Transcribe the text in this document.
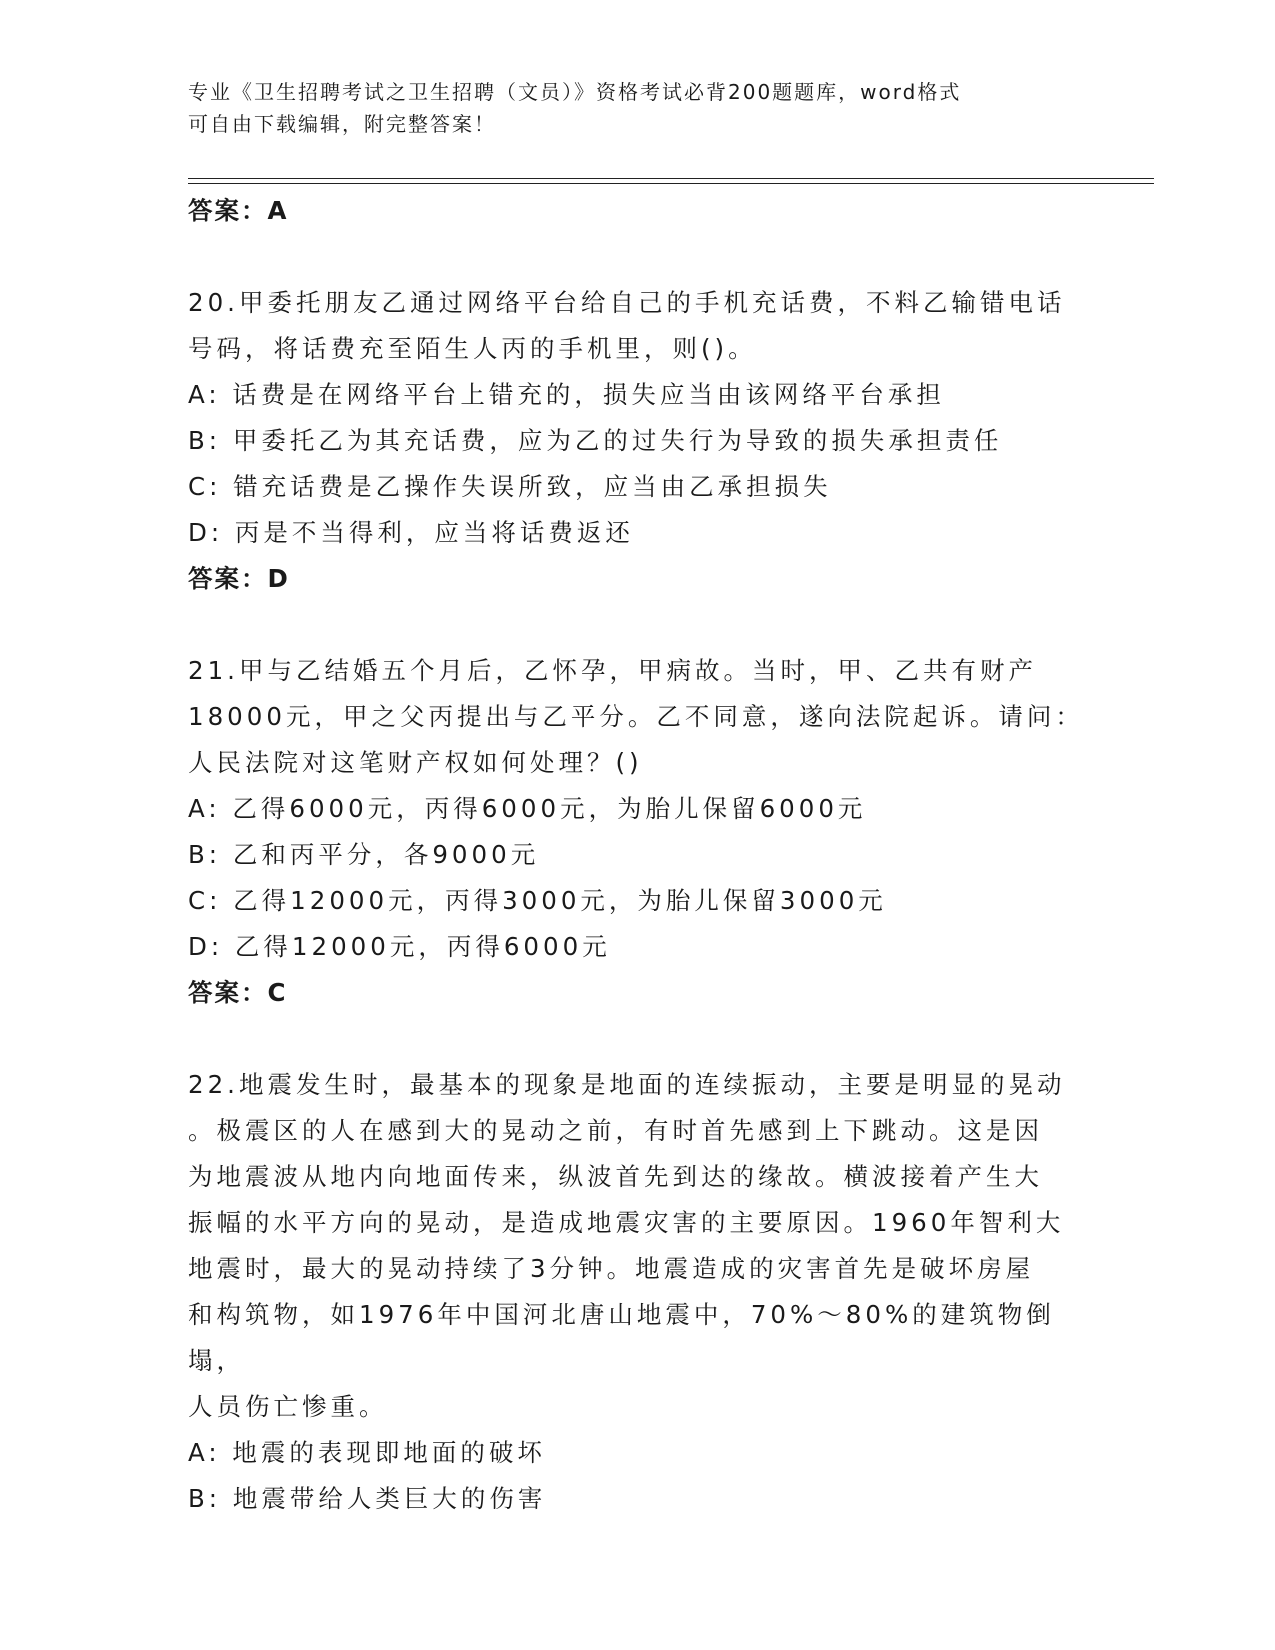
专业《卫生招聘考试之卫生招聘（文员）》资格考试必背200题题库，word格式
可自由下载编辑，附完整答案！
答案：A
20.甲委托朋友乙通过网络平台给自己的手机充话费，不料乙输错电话
号码，将话费充至陌生人丙的手机里，则()。
A: 话费是在网络平台上错充的，损失应当由该网络平台承担
B: 甲委托乙为其充话费，应为乙的过失行为导致的损失承担责任
C: 错充话费是乙操作失误所致，应当由乙承担损失
D: 丙是不当得利，应当将话费返还
答案：D
21.甲与乙结婚五个月后，乙怀孕，甲病故。当时，甲、乙共有财产
18000元，甲之父丙提出与乙平分。乙不同意，遂向法院起诉。请问：
人民法院对这笔财产权如何处理？()
A: 乙得6000元，丙得6000元，为胎儿保留6000元
B: 乙和丙平分，各9000元
C: 乙得12000元，丙得3000元，为胎儿保留3000元
D: 乙得12000元，丙得6000元
答案：C
22.地震发生时，最基本的现象是地面的连续振动，主要是明显的晃动
。极震区的人在感到大的晃动之前，有时首先感到上下跳动。这是因
为地震波从地内向地面传来，纵波首先到达的缘故。横波接着产生大
振幅的水平方向的晃动，是造成地震灾害的主要原因。1960年智利大
地震时，最大的晃动持续了3分钟。地震造成的灾害首先是破坏房屋
和构筑物，如1976年中国河北唐山地震中，70%～80%的建筑物倒塌，
人员伤亡惨重。
A: 地震的表现即地面的破坏
B: 地震带给人类巨大的伤害
